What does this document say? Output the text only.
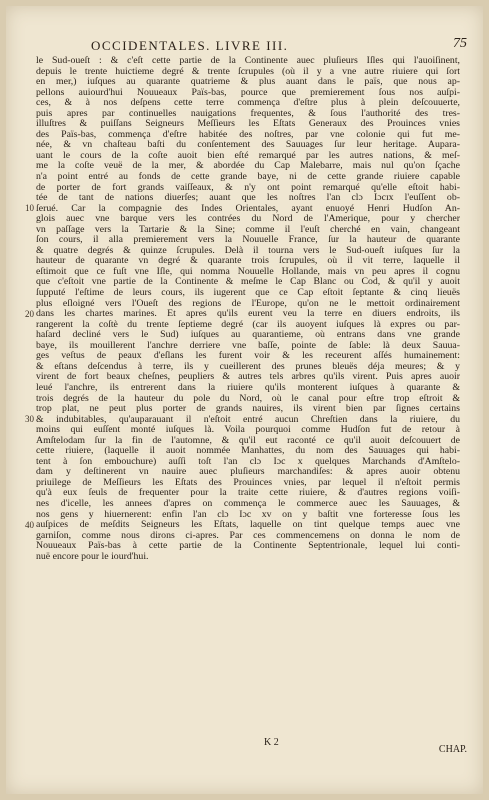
OCCIDENTALES. LIVRE III.	75
10
20
30
40
le Sud-oueſt : & c'eſt cette partie de la Continente auec pluſieurs Iſles qui l'auoiſinent,
depuis le trente huictieme degré & trente ſcrupules (où il y a vne autre riuiere qui ſort
en mer,) iuſques au quarante quatrieme & plus auant dans le païs, que nous ap-
pellons auiourd'hui Nouueaux Païs-bas, pource que premierement ſous nos auſpi-
ces, & à nos deſpens cette terre commença d'eſtre plus à plein deſcouuerte,
puis apres par continuelles nauigations frequentes, & ſous l'authorité des tres-
illuſtres & puiſſans Seigneurs Meſſieurs les Eſtats Generaux des Prouinces vnies
des Païs-bas, commença d'eſtre habitée des noſtres, par vne colonie qui fut me-
née, & vn chaſteau baſti du conſentement des Sauuages ſur leur heritage. Aupara-
uant le cours de la coſte auoit bien eſté remarqué par les autres nations, & meſ-
me la coſte veuë de la mer, & abordée du Cap Malebarre, mais nul qu'on ſçache
n'a point entré au fonds de cette grande baye, ni de cette grande riuiere capable
de porter de fort grands vaiſſeaux, & n'y ont point remarqué qu'elle eſtoit habi-
tée de tant de nations diuerſes; auant que les noſtres l'an clɔ Iɔcɪx l'euſſent ob-
ſerué. Car la compagnie des Indes Orientales, ayant enuoyé Henri Hudſon An-
glois auec vne barque vers les contrées du Nord de l'Amerique, pour y chercher
vn paſſage vers la Tartarie & la Sine; comme il l'euſt cherché en vain, changeant
ſon cours, il alla premierement vers la Nouuelle France, ſur la hauteur de quarante
& quatre degrés & quinze ſcrupules. Delà il tourna vers le Sud-oueſt iuſques ſur la
hauteur de quarante vn degré & quarante trois ſcrupules, où il vit terre, laquelle il
eſtimoit que ce fuſt vne Iſle, qui nomma Nouuelle Hollande, mais vn peu apres il cognu
que c'eſtoit vne partie de la Continente & meſme le Cap Blanc ou Cod, & qu'il y auoit
ſupputé l'eſtime de leurs cours, ils iugerent que ce Cap eſtoit ſeptante & cinq lieuës
plus eſloigné vers l'Oueſt des regions de l'Europe, qu'on ne le mettoit ordinairement
dans les chartes marines. Et apres qu'ils eurent veu la terre en diuers endroits, ils
rangerent la coſtè du trente ſeptieme degré (car ils auoyent iuſques là expres ou par-
haſard decliné vers le Sud) iuſques au quarantieme, où entrans dans vne grande
baye, ils mouillerent l'anchre derriere vne baſſe, pointe de ſable: là deux Sauua-
ges veſtus de peaux d'eſlans les furent voir & les receurent aſſés humainement:
& eſtans deſcendus à terre, ils y cueillerent des prunes bleuës déja meures; & y
virent de fort beaux cheſnes, peupliers & autres tels arbres qu'ils virent. Puis apres auoir
leué l'anchre, ils entrerent dans la riuiere qu'ils monterent iuſques à quarante &
trois degrés de la hauteur du pole du Nord, où le canal pour eſtre trop eſtroit &
trop plat, ne peut plus porter de grands nauires, ils virent bien par ſignes certains
& indubitables, qu'auparauant il n'eſtoit entré aucun Chreſtien dans la riuiere, du
moins qui euſſent monté iuſques là. Voila pourquoi comme Hudſon fut de retour à
Amſtelodam ſur la fin de l'automne, & qu'il eut raconté ce qu'il auoit deſcouuert de
cette riuiere, (laquelle il auoit nommée Manhattes, du nom des Sauuages qui habi-
tent à ſon embouchure) auſſi toſt l'an clɔ Iɔc x quelques Marchands d'Amſtelo-
dam y deſtinerent vn nauire auec pluſieurs marchandiſes: & apres auoir obtenu
priuilege de Meſſieurs les Eſtats des Prouinces vnies, par lequel il n'eſtoit permis
qu'à eux ſeuls de frequenter pour la traite cette riuiere, & d'autres regions voiſi-
nes d'icelle, les annees d'apres on commença le commerce auec les Sauuages, &
nos gens y hiuernerent: enfin l'an clɔ Iɔc xv on y baſtit vne forteresse ſous les
auſpices de meſdits Seigneurs les Eſtats, laquelle on tint quelque temps auec vne
garniſon, comme nous dirons ci-apres. Par ces commencemens on donna le nom de
Nouueaux Païs-bas à cette partie de la Continente Septentrionale, lequel lui conti-
nuë encore pour le iourd'hui.
K 2
CHAP.
